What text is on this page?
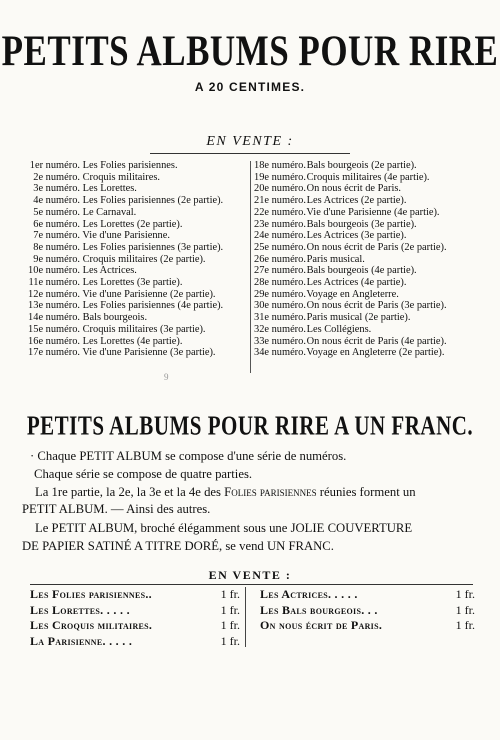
PETITS ALBUMS POUR RIRE
A 20 CENTIMES.
EN VENTE :
1er numéro. Les Folies parisiennes.
2e numéro. Croquis militaires.
3e numéro. Les Lorettes.
4e numéro. Les Folies parisiennes (2e partie).
5e numéro. Le Carnaval.
6e numéro. Les Lorettes (2e partie).
7e numéro. Vie d'une Parisienne.
8e numéro. Les Folies parisiennes (3e partie).
9e numéro. Croquis militaires (2e partie).
10e numéro. Les Actrices.
11e numéro. Les Lorettes (3e partie).
12e numéro. Vie d'une Parisienne (2e partie).
13e numéro. Les Folies parisiennes (4e partie).
14e numéro. Bals bourgeois.
15e numéro. Croquis militaires (3e partie).
16e numéro. Les Lorettes (4e partie).
17e numéro. Vie d'une Parisienne (3e partie).
18e numéro. Bals bourgeois (2e partie).
19e numéro. Croquis militaires (4e partie).
20e numéro. On nous écrit de Paris.
21e numéro. Les Actrices (2e partie).
22e numéro. Vie d'une Parisienne (4e partie).
23e numéro. Bals bourgeois (3e partie).
24e numéro. Les Actrices (3e partie).
25e numéro. On nous écrit de Paris (2e partie).
26e numéro. Paris musical.
27e numéro. Bals bourgeois (4e partie).
28e numéro. Les Actrices (4e partie).
29e numéro. Voyage en Angleterre.
30e numéro. On nous écrit de Paris (3e partie).
31e numéro. Paris musical (2e partie).
32e numéro. Les Collégiens.
33e numéro. On nous écrit de Paris (4e partie).
34e numéro. Voyage en Angleterre (2e partie).
9
PETITS ALBUMS POUR RIRE A UN FRANC.
· Chaque PETIT ALBUM se compose d'une série de numéros.
Chaque série se compose de quatre parties.
La 1re partie, la 2e, la 3e et la 4e des Folies parisiennes réunies forment un
PETIT ALBUM. — Ainsi des autres.
Le PETIT ALBUM, broché élégamment sous une JOLIE COUVERTURE
DE PAPIER SATINÉ A TITRE DORÉ, se vend UN FRANC.
EN VENTE :
Les Folies parisiennes..	1 fr.
Les Lorettes. . . . .	1 fr.
Les Croquis militaires.	1 fr.
La Parisienne. . . . .	1 fr.
Les Actrices. . . . .	1 fr.
Les Bals bourgeois. . .	1 fr.
On nous écrit de Paris.	1 fr.
